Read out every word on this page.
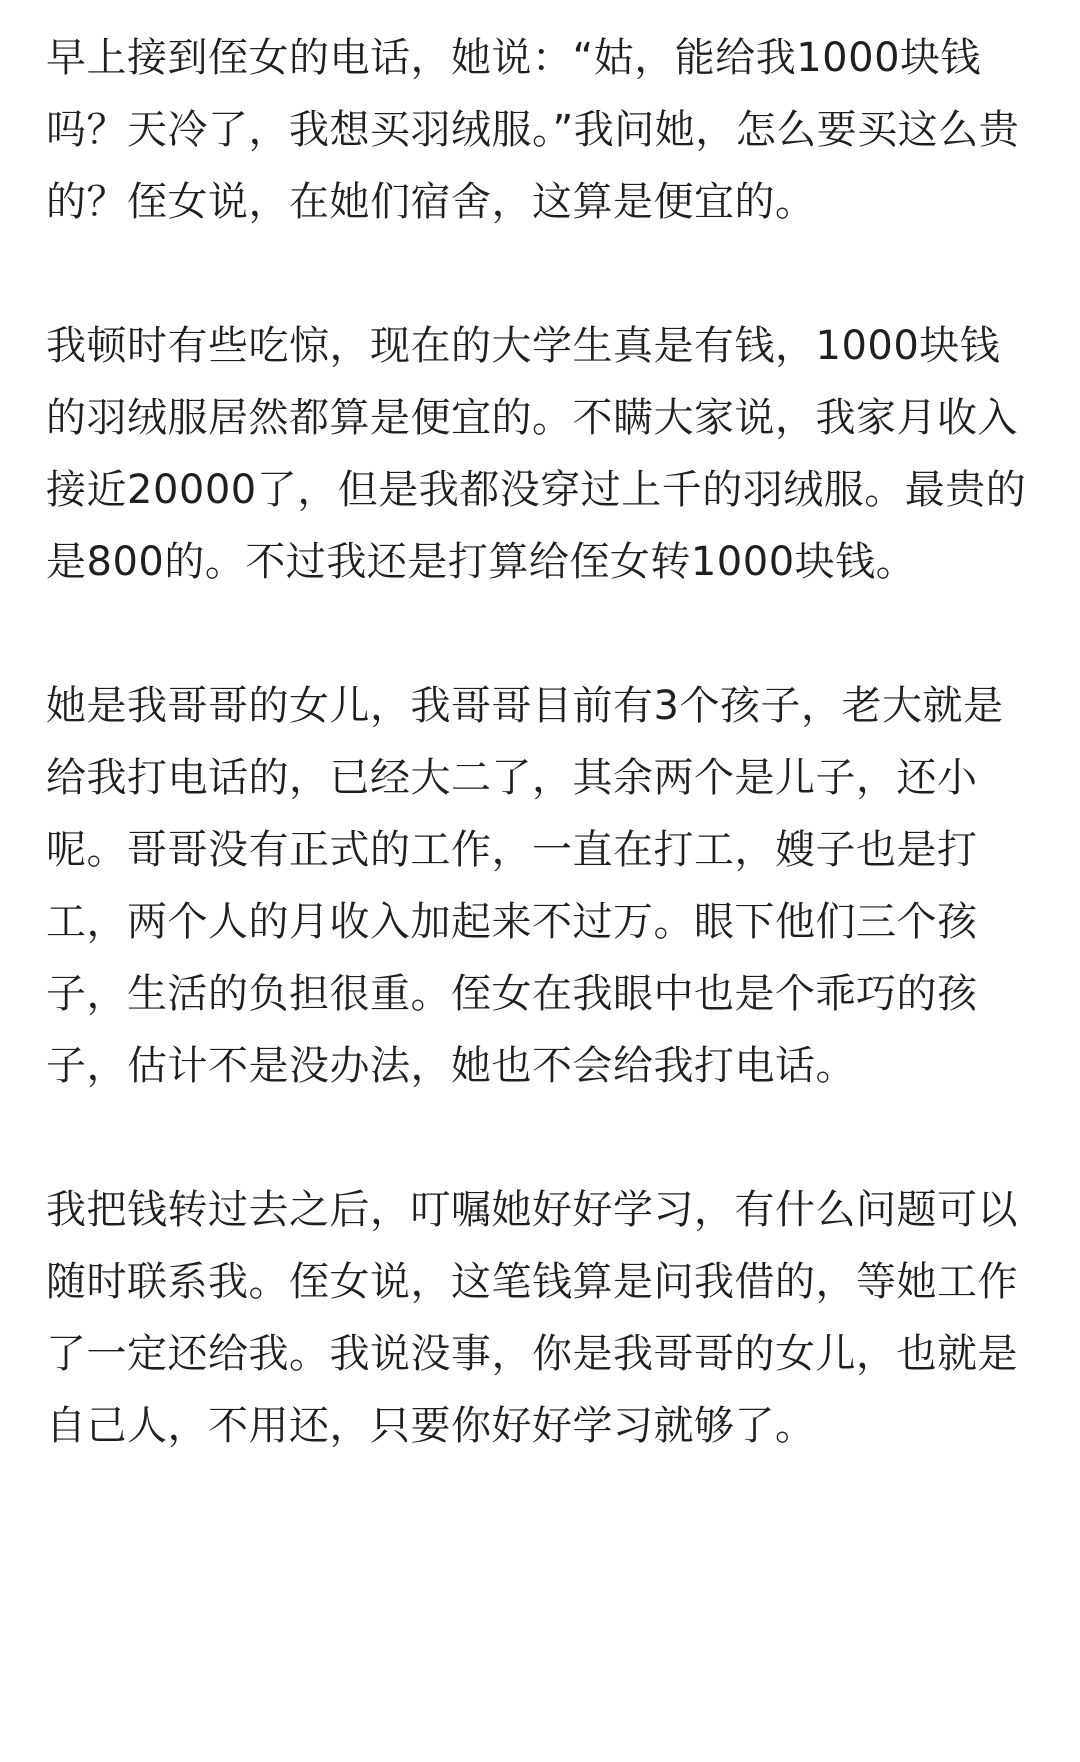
早上接到侄女的电话，她说：“姑，能给我1000块钱吗？天冷了，我想买羽绒服。”我问她，怎么要买这么贵的？侄女说，在她们宿舍，这算是便宜的。

我顿时有些吃惊，现在的大学生真是有钱，1000块钱的羽绒服居然都算是便宜的。不瞒大家说，我家月收入接近20000了，但是我都没穿过上千的羽绒服。最贵的是800的。不过我还是打算给侄女转1000块钱。

她是我哥哥的女儿，我哥哥目前有3个孩子，老大就是给我打电话的，已经大二了，其余两个是儿子，还小呢。哥哥没有正式的工作，一直在打工，嫂子也是打工，两个人的月收入加起来不过万。眼下他们三个孩子，生活的负担很重。侄女在我眼中也是个乖巧的孩子，估计不是没办法，她也不会给我打电话。

我把钱转过去之后，叮嘱她好好学习，有什么问题可以随时联系我。侄女说，这笔钱算是问我借的，等她工作了一定还给我。我说没事，你是我哥哥的女儿，也就是自己人，不用还，只要你好好学习就够了。
